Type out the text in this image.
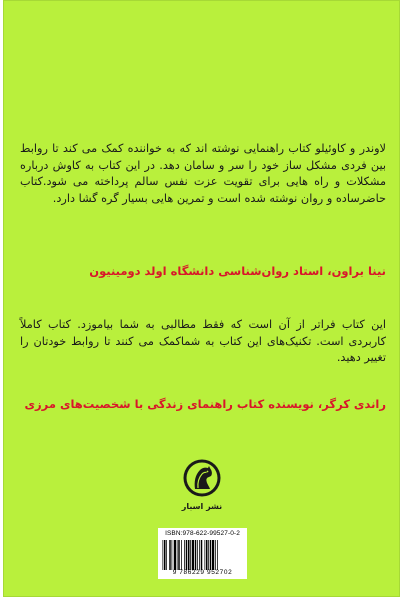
لاوندر و کاوئیلو کتاب راهنمایی نوشته اند که به خواننده کمک می کند تا روابط بین فردی مشکل ساز خود را سر و سامان دهد. در این کتاب به کاوش درباره مشکلات و راه هایی برای تقویت عزت نفس سالم پرداخته می شود.کتاب حاضرساده و روان نوشته شده است و تمرین هایی بسیار گره گشا دارد.

نینا براون، استاد روان‌شناسی دانشگاه اولد دومینیون

این کتاب فراتر از آن است که فقط مطالبی به شما بیاموزد. کتاب کاملاً کاربردی است. تکنیک‌های این کتاب به شماکمک می کنند تا روابط خودتان را تغییر دهید.

راندی کرگر، نویسنده کتاب راهنمای زندگی با شخصیت‌های مرزی

نشر اسبار
ISBN:978-622-99527-0-2
9 786229 952702
